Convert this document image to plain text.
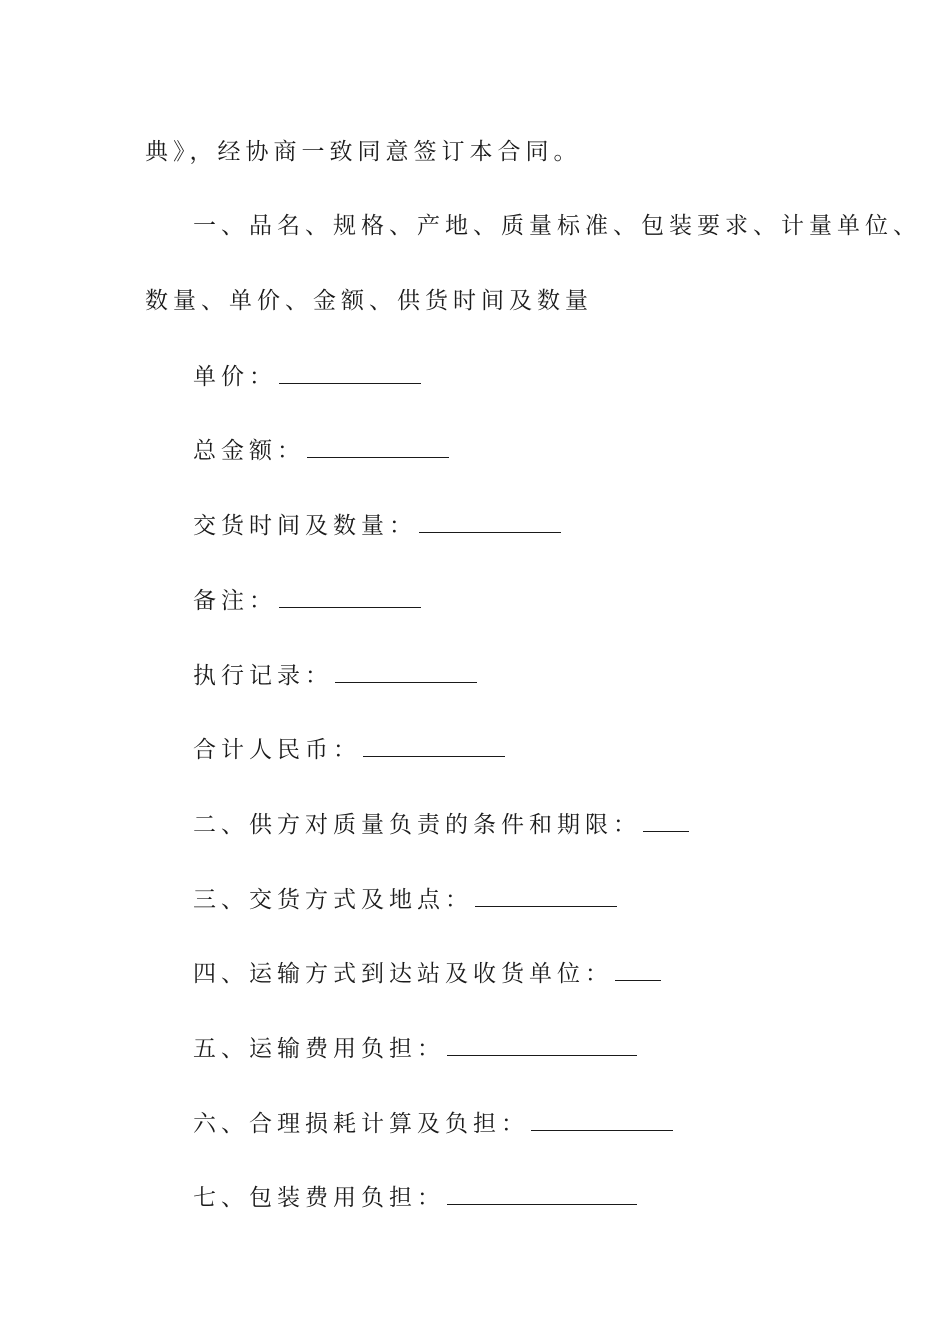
典》，经协商一致同意签订本合同。
一、品名、规格、产地、质量标准、包装要求、计量单位、
数量、单价、金额、供货时间及数量
单价：
总金额：
交货时间及数量：
备注：
执行记录：
合计人民币：
二、供方对质量负责的条件和期限：
三、交货方式及地点：
四、运输方式到达站及收货单位：
五、运输费用负担：
六、合理损耗计算及负担：
七、包装费用负担：
